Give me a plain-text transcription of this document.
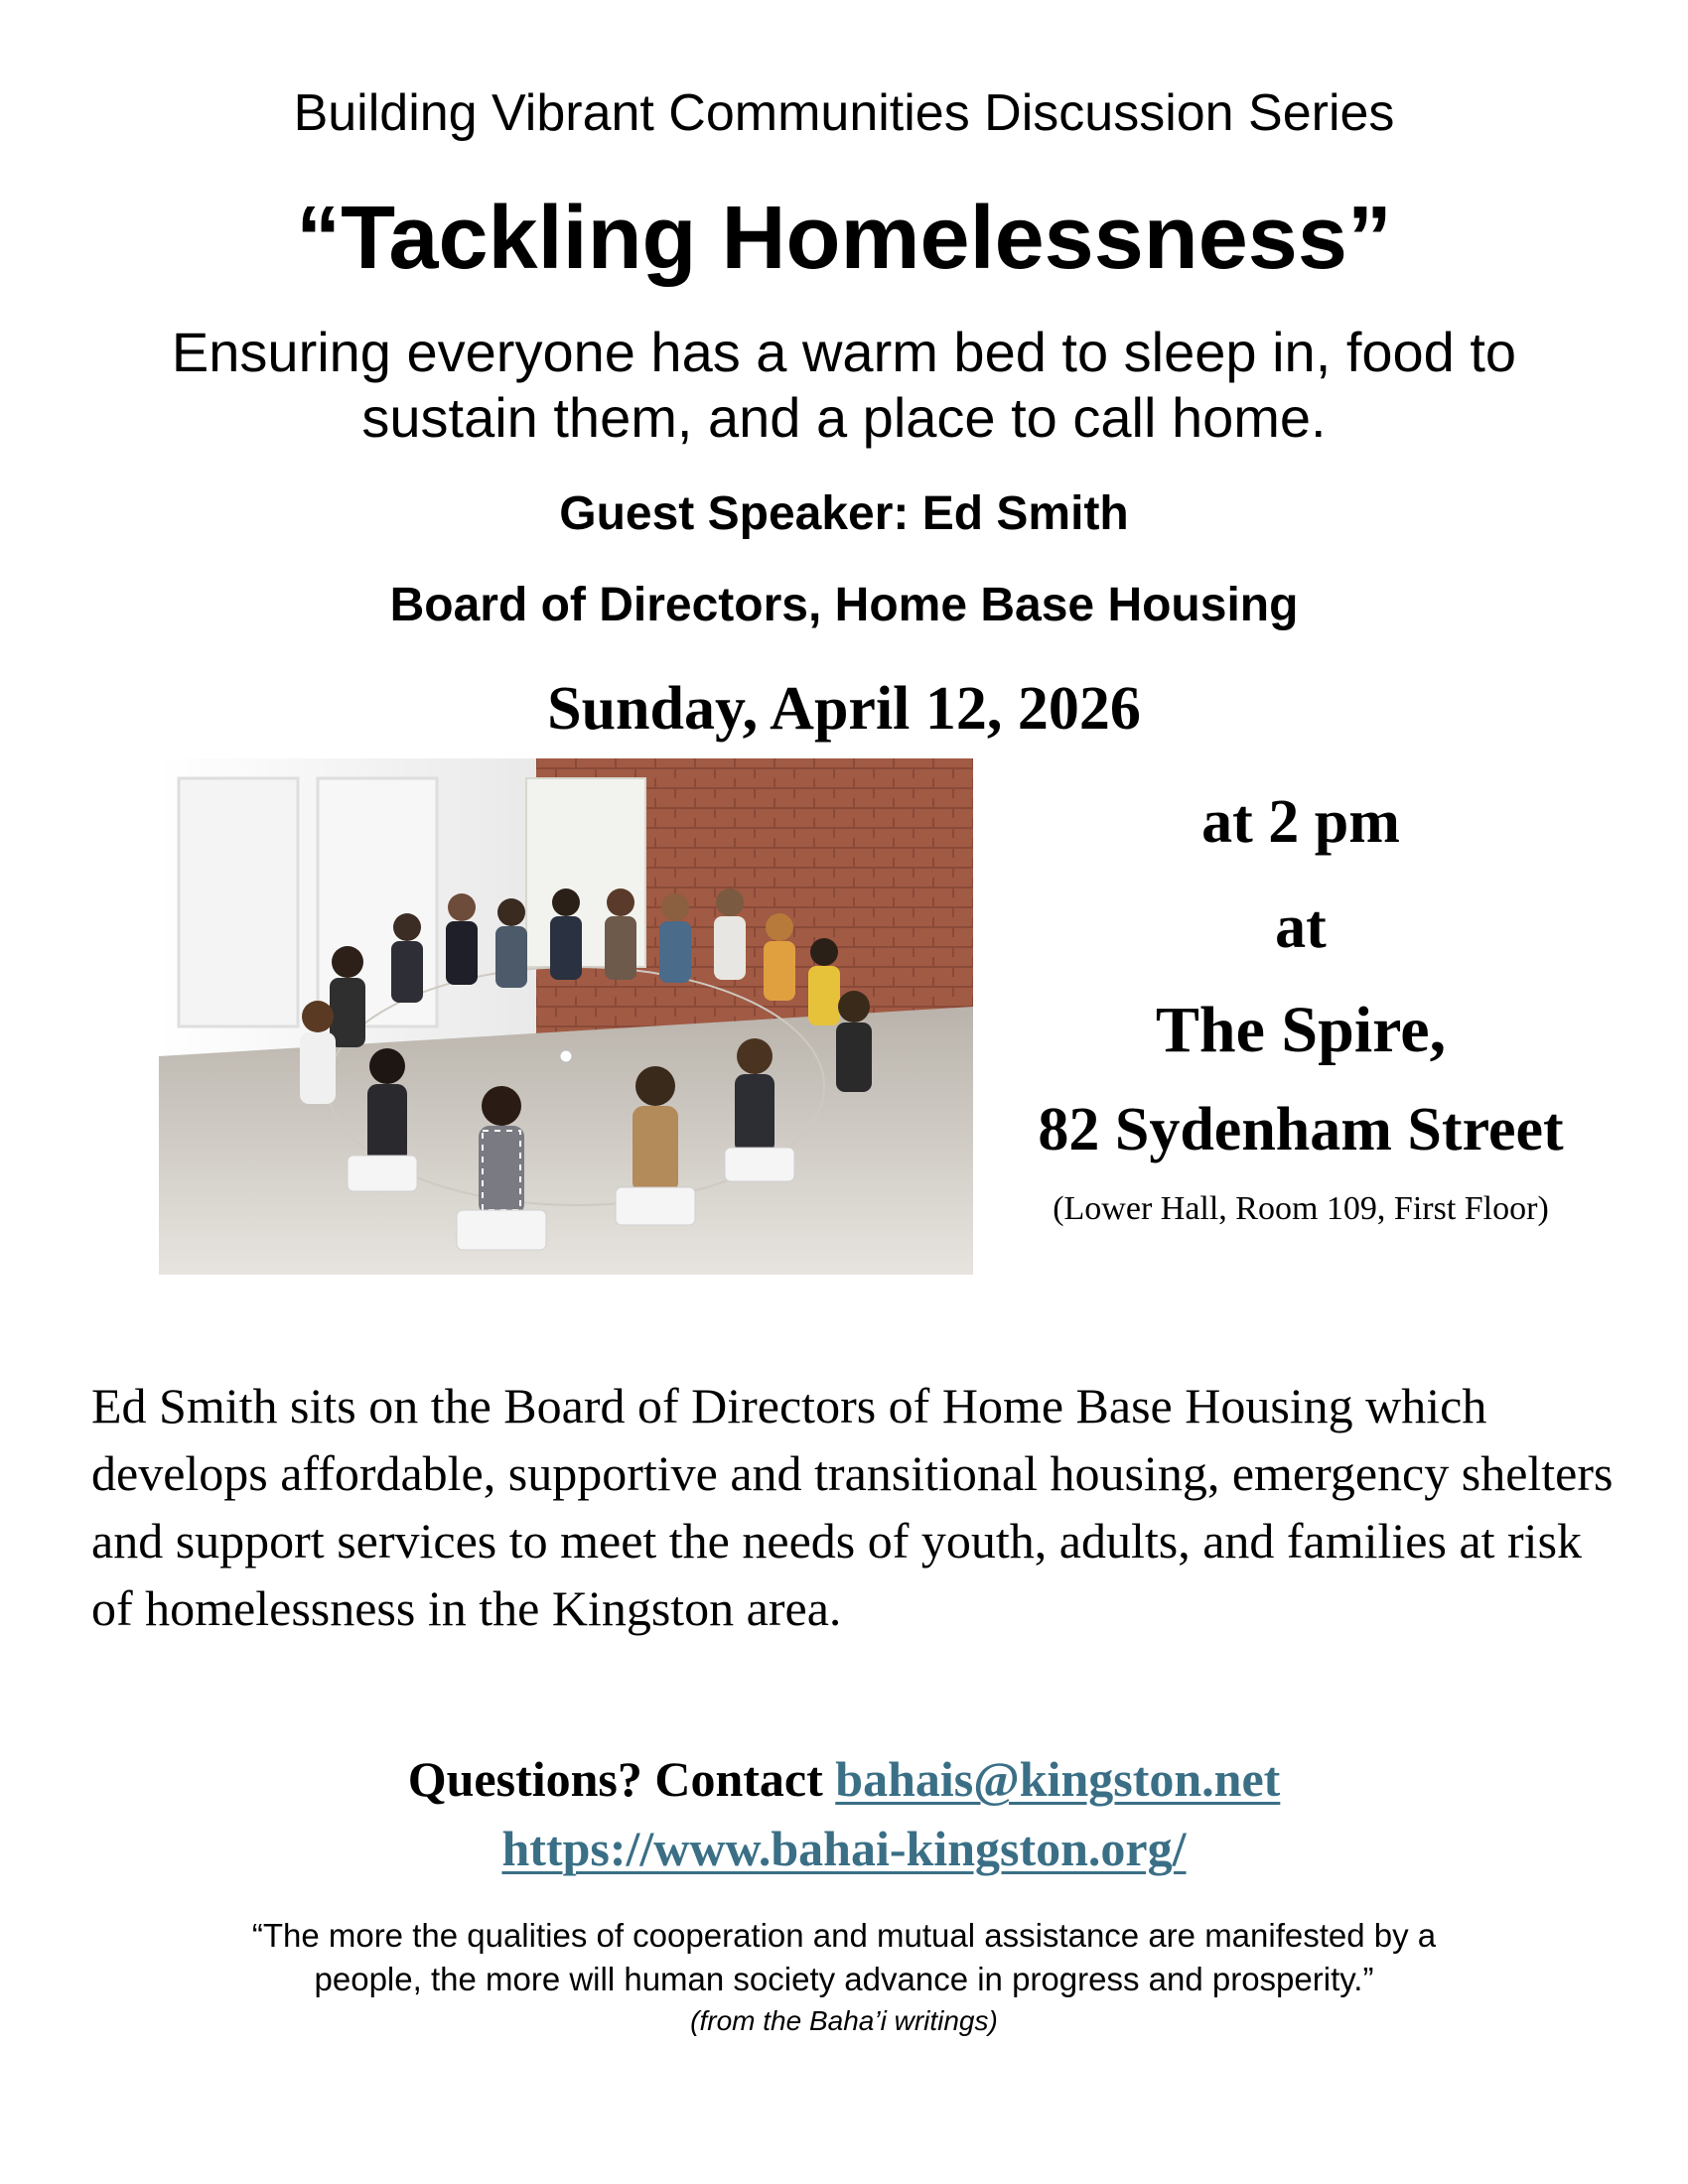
Building Vibrant Communities Discussion Series
“Tackling Homelessness”
Ensuring everyone has a warm bed to sleep in, food to
sustain them, and a place to call home.
Guest Speaker: Ed Smith
Board of Directors, Home Base Housing
Sunday, April 12, 2026
at 2 pm
at
The Spire,
82 Sydenham Street
(Lower Hall, Room 109, First Floor)

Ed Smith sits on the Board of Directors of Home Base Housing which develops affordable, supportive and transitional housing, emergency shelters and support services to meet the needs of youth, adults, and families at risk of homelessness in the Kingston area.

Questions? Contact bahais@kingston.net
https://www.bahai-kingston.org/
“The more the qualities of cooperation and mutual assistance are manifested by a
people, the more will human society advance in progress and prosperity.”
(from the Baha’i writings)
